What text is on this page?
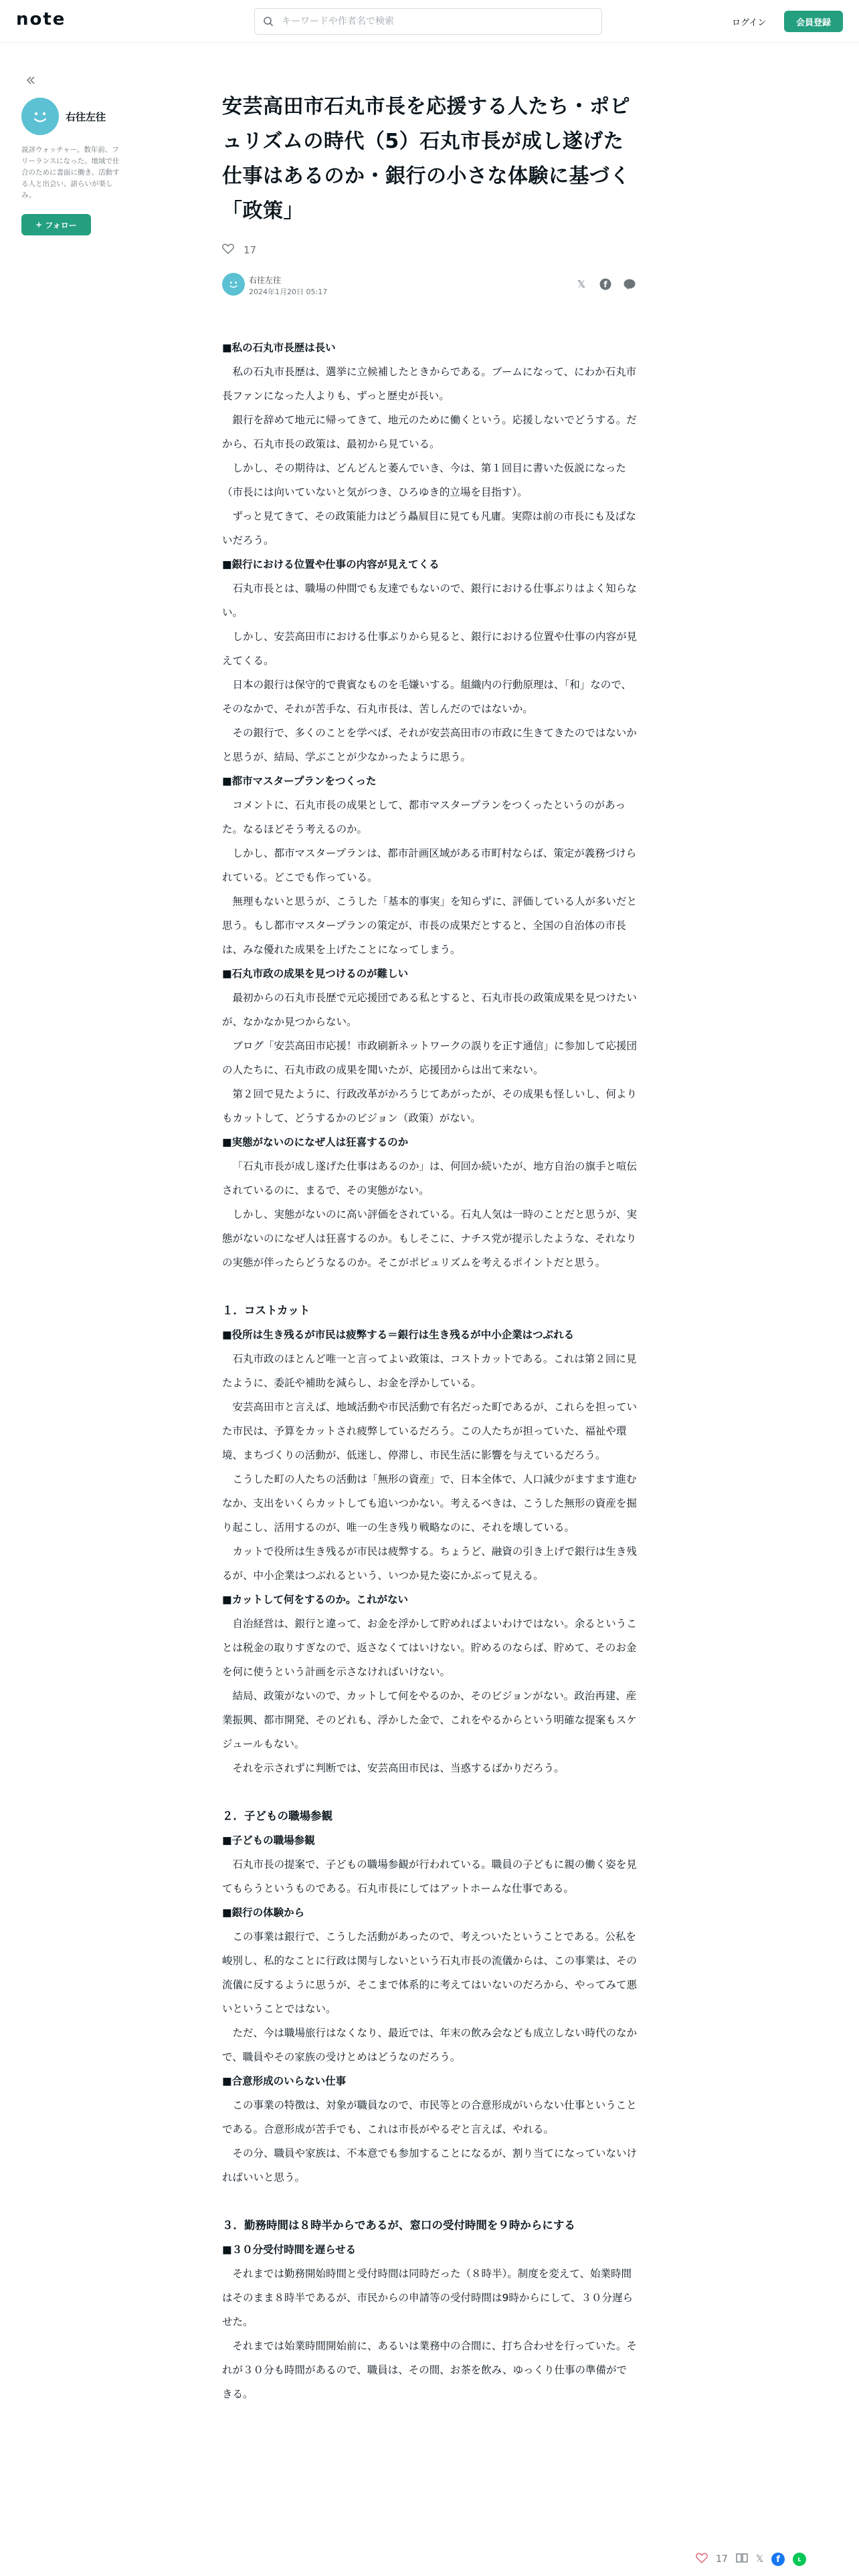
note
キーワードや作者名で検索	ログイン	会員登録
右往左往
説評ウォッチャー。数年前、フリーランスになった。地域で仕合のために書面に働き、活動する人と出会い、語らいが楽しみ。
+ フォロー
安芸高田市石丸市長を応援する人たち・ポピュリズムの時代（5）石丸市長が成し遂げた仕事はあるのか・銀行の小さな体験に基づく「政策」
17
右往左往
2024年1月20日 05:17
𝕏	f
■私の石丸市長歴は長い

私の石丸市長歴は、選挙に立候補したときからである。ブームになって、にわか石丸市長ファンになった人よりも、ずっと歴史が長い。

銀行を辞めて地元に帰ってきて、地元のために働くという。応援しないでどうする。だから、石丸市長の政策は、最初から見ている。

しかし、その期待は、どんどんと萎んでいき、今は、第１回目に書いた仮説になった（市長には向いていないと気がつき、ひろゆき的立場を目指す）。

ずっと見てきて、その政策能力はどう贔屓目に見ても凡庸。実際は前の市長にも及ばないだろう。

■銀行における位置や仕事の内容が見えてくる

石丸市長とは、職場の仲間でも友達でもないので、銀行における仕事ぶりはよく知らない。

しかし、安芸高田市における仕事ぶりから見ると、銀行における位置や仕事の内容が見えてくる。

日本の銀行は保守的で貴賓なものを毛嫌いする。組織内の行動原理は、「和」なので、そのなかで、それが苦手な、石丸市長は、苦しんだのではないか。

その銀行で、多くのことを学べば、それが安芸高田市の市政に生きてきたのではないかと思うが、結局、学ぶことが少なかったように思う。

■都市マスタープランをつくった

コメントに、石丸市長の成果として、都市マスタープランをつくったというのがあった。なるほどそう考えるのか。

しかし、都市マスタープランは、都市計画区域がある市町村ならば、策定が義務づけられている。どこでも作っている。

無理もないと思うが、こうした「基本的事実」を知らずに、評価している人が多いだと思う。もし都市マスタープランの策定が、市長の成果だとすると、全国の自治体の市長は、みな優れた成果を上げたことになってしまう。

■石丸市政の成果を見つけるのが難しい

最初からの石丸市長歴で元応援団である私とすると、石丸市長の政策成果を見つけたいが、なかなか見つからない。

ブログ「安芸高田市応援！市政刷新ネットワークの誤りを正す通信」に参加して応援団の人たちに、石丸市政の成果を聞いたが、応援団からは出て来ない。

第２回で見たように、行政改革がかろうじてあがったが、その成果も怪しいし、何よりもカットして、どうするかのビジョン（政策）がない。

■実態がないのになぜ人は狂喜するのか

「石丸市長が成し遂げた仕事はあるのか」は、何回か続いたが、地方自治の旗手と喧伝されているのに、まるで、その実態がない。

しかし、実態がないのに高い評価をされている。石丸人気は一時のことだと思うが、実態がないのになぜ人は狂喜するのか。もしそこに、ナチス党が提示したような、それなりの実態が伴ったらどうなるのか。そこがポピュリズムを考えるポイントだと思う。

１．コストカット
■役所は生き残るが市民は疲弊する＝銀行は生き残るが中小企業はつぶれる

石丸市政のほとんど唯一と言ってよい政策は、コストカットである。これは第２回に見たように、委託や補助を減らし、お金を浮かしている。

安芸高田市と言えば、地域活動や市民活動で有名だった町であるが、これらを担っていた市民は、予算をカットされ疲弊しているだろう。この人たちが担っていた、福祉や環境、まちづくりの活動が、低迷し、停滞し、市民生活に影響を与えているだろう。

こうした町の人たちの活動は「無形の資産」で、日本全体で、人口減少がますます進むなか、支出をいくらカットしても追いつかない。考えるべきは、こうした無形の資産を掘り起こし、活用するのが、唯一の生き残り戦略なのに、それを壊している。

カットで役所は生き残るが市民は疲弊する。ちょうど、融資の引き上げで銀行は生き残るが、中小企業はつぶれるという、いつか見た姿にかぶって見える。

■カットして何をするのか。これがない

自治経営は、銀行と違って、お金を浮かして貯めればよいわけではない。余るということは税金の取りすぎなので、返さなくてはいけない。貯めるのならば、貯めて、そのお金を何に使うという計画を示さなければいけない。

結局、政策がないので、カットして何をやるのか、そのビジョンがない。政治再建、産業振興、都市開発、そのどれも、浮かした金で、これをやるからという明確な提案もスケジュールもない。

それを示されずに判断では、安芸高田市民は、当惑するばかりだろう。

２．子どもの職場参観
■子どもの職場参観

石丸市長の提案で、子どもの職場参観が行われている。職員の子どもに親の働く姿を見てもらうというものである。石丸市長にしてはアットホームな仕事である。

■銀行の体験から

この事業は銀行で、こうした活動があったので、考えついたということである。公私を峻別し、私的なことに行政は関与しないという石丸市長の流儀からは、この事業は、その流儀に反するように思うが、そこまで体系的に考えてはいないのだろから、やってみて悪いということではない。

ただ、今は職場旅行はなくなり、最近では、年末の飲み会なども成立しない時代のなかで、職員やその家族の受けとめはどうなのだろう。

■合意形成のいらない仕事

この事業の特徴は、対象が職員なので、市民等との合意形成がいらない仕事ということである。合意形成が苦手でも、これは市長がやるぞと言えば、やれる。

その分、職員や家族は、不本意でも参加することになるが、割り当てになっていないければいいと思う。

３．勤務時間は８時半からであるが、窓口の受付時間を９時からにする
■３０分受付時間を遅らせる

それまでは勤務開始時間と受付時間は同時だった（８時半）。制度を変えて、始業時間はそのまま８時半であるが、市民からの申請等の受付時間は9時からにして、３０分遅らせた。

それまでは始業時間開始前に、あるいは業務中の合間に、打ち合わせを行っていた。それが３０分も時間があるので、職員は、その間、お茶を飲み、ゆっくり仕事の準備ができる。

17	𝕏	f	L
